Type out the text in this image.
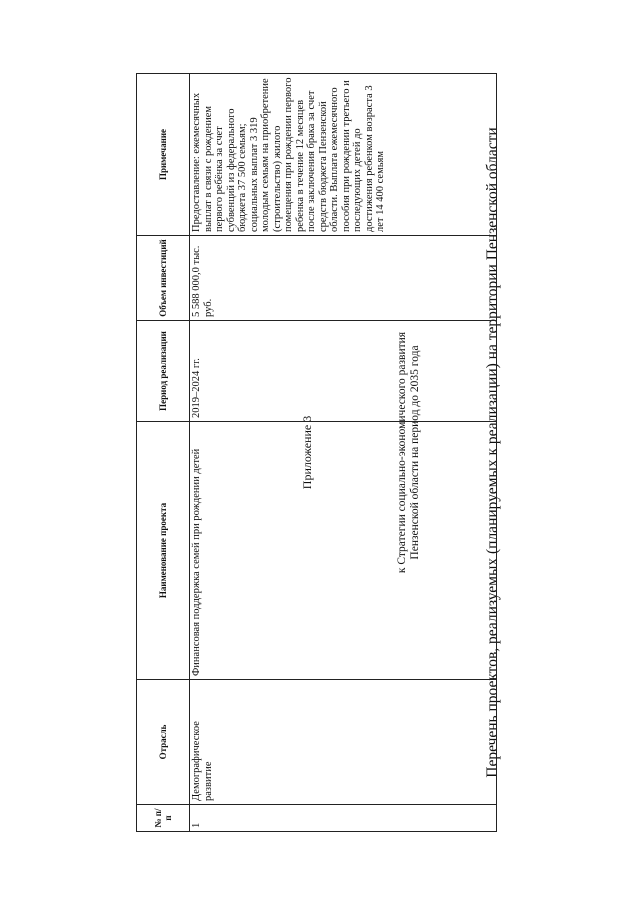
Приложение 3	к Стратегии социально-экономического развития Пензенской области на период до 2035 года	Перечень проектов, реализуемых (планируемых к реализации) на территории Пензенской области
№ п/п	Отрасль	Наименование проекта	Период реализации	Объем инвестиций	Примечание
1	Демографическое развитие	Финансовая поддержка семей при рождении детей	2019–2024 гг.	5 588 000,0 тыс. руб.	Предоставление: ежемесячных выплат в связи с рождением первого ребёнка за счет субвенций из федерального бюджета 37 500 семьям; социальных выплат 3 319 молодым семьям на приобретение (строительство) жилого помещения при рождении первого ребенка в течение 12 месяцев после заключения брака за счет средств бюджета Пензенской области. Выплата ежемесячного пособия при рождении третьего и последующих детей до достижения ребенком возраста 3 лет 14 400 семьям
